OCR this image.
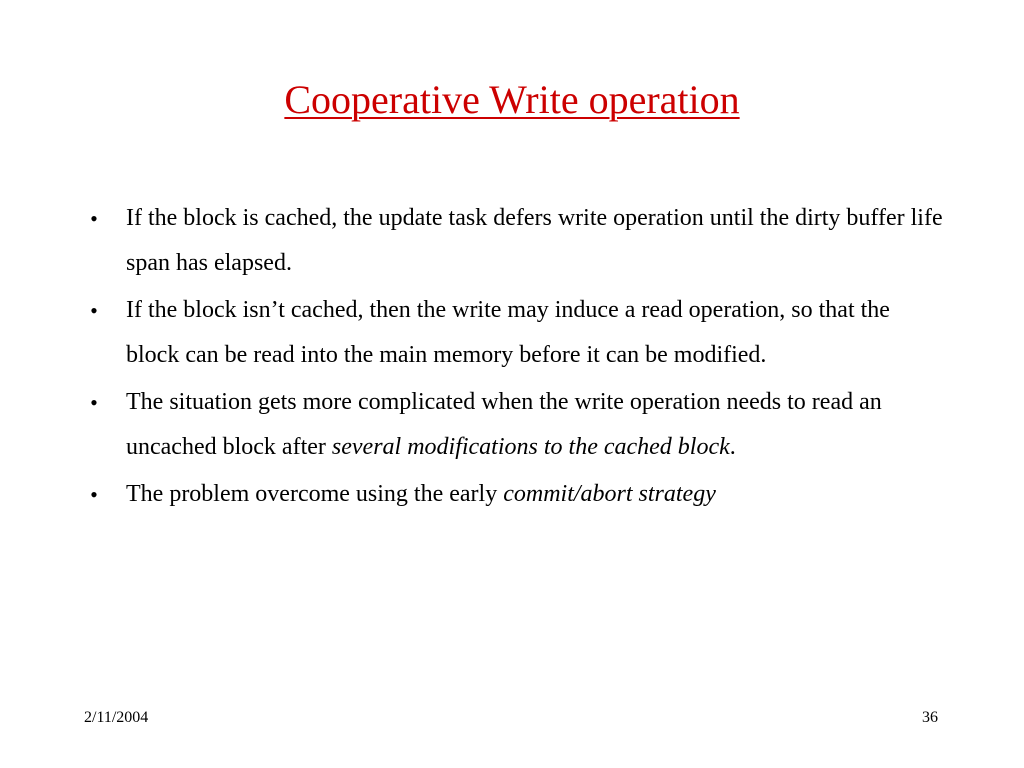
Cooperative Write operation
• If the block is cached, the update task defers write operation until the dirty buffer life span has elapsed.
• If the block isn’t cached, then the write may induce a read operation, so that the block can be read into the main memory before it can be modified.
• The situation gets more complicated when the write operation needs to read an uncached block after several modifications to the cached block.
• The problem overcome using the early commit/abort strategy
2/11/2004	36
